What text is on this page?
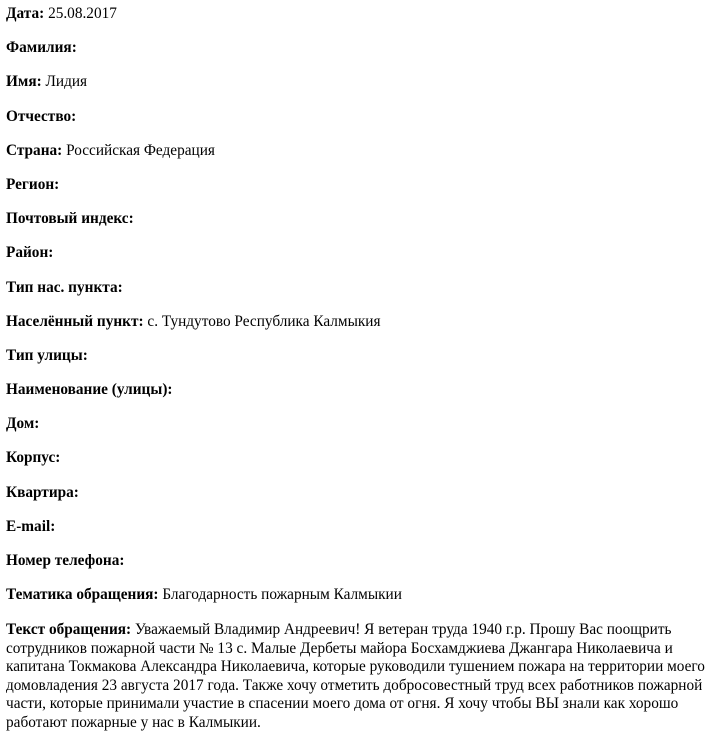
Дата: 25.08.2017
Фамилия:
Имя: Лидия
Отчество:
Страна: Российская Федерация
Регион:
Почтовый индекс:
Район:
Тип нас. пункта:
Населённый пункт: с. Тундутово Республика Калмыкия
Тип улицы:
Наименование (улицы):
Дом:
Корпус:
Квартира:
E-mail:
Номер телефона:
Тематика обращения: Благодарность пожарным Калмыкии
Текст обращения: Уважаемый Владимир Андреевич! Я ветеран труда 1940 г.р. Прошу Вас поощрить сотрудников пожарной части № 13 с. Малые Дербеты майора Босхамджиева Джангара Николаевича и капитана Токмакова Александра Николаевича, которые руководили тушением пожара на территории моего домовладения 23 августа 2017 года. Также хочу отметить добросовестный труд всех работников пожарной части, которые принимали участие в спасении моего дома от огня. Я хочу чтобы ВЫ знали как хорошо работают пожарные у нас в Калмыкии.
